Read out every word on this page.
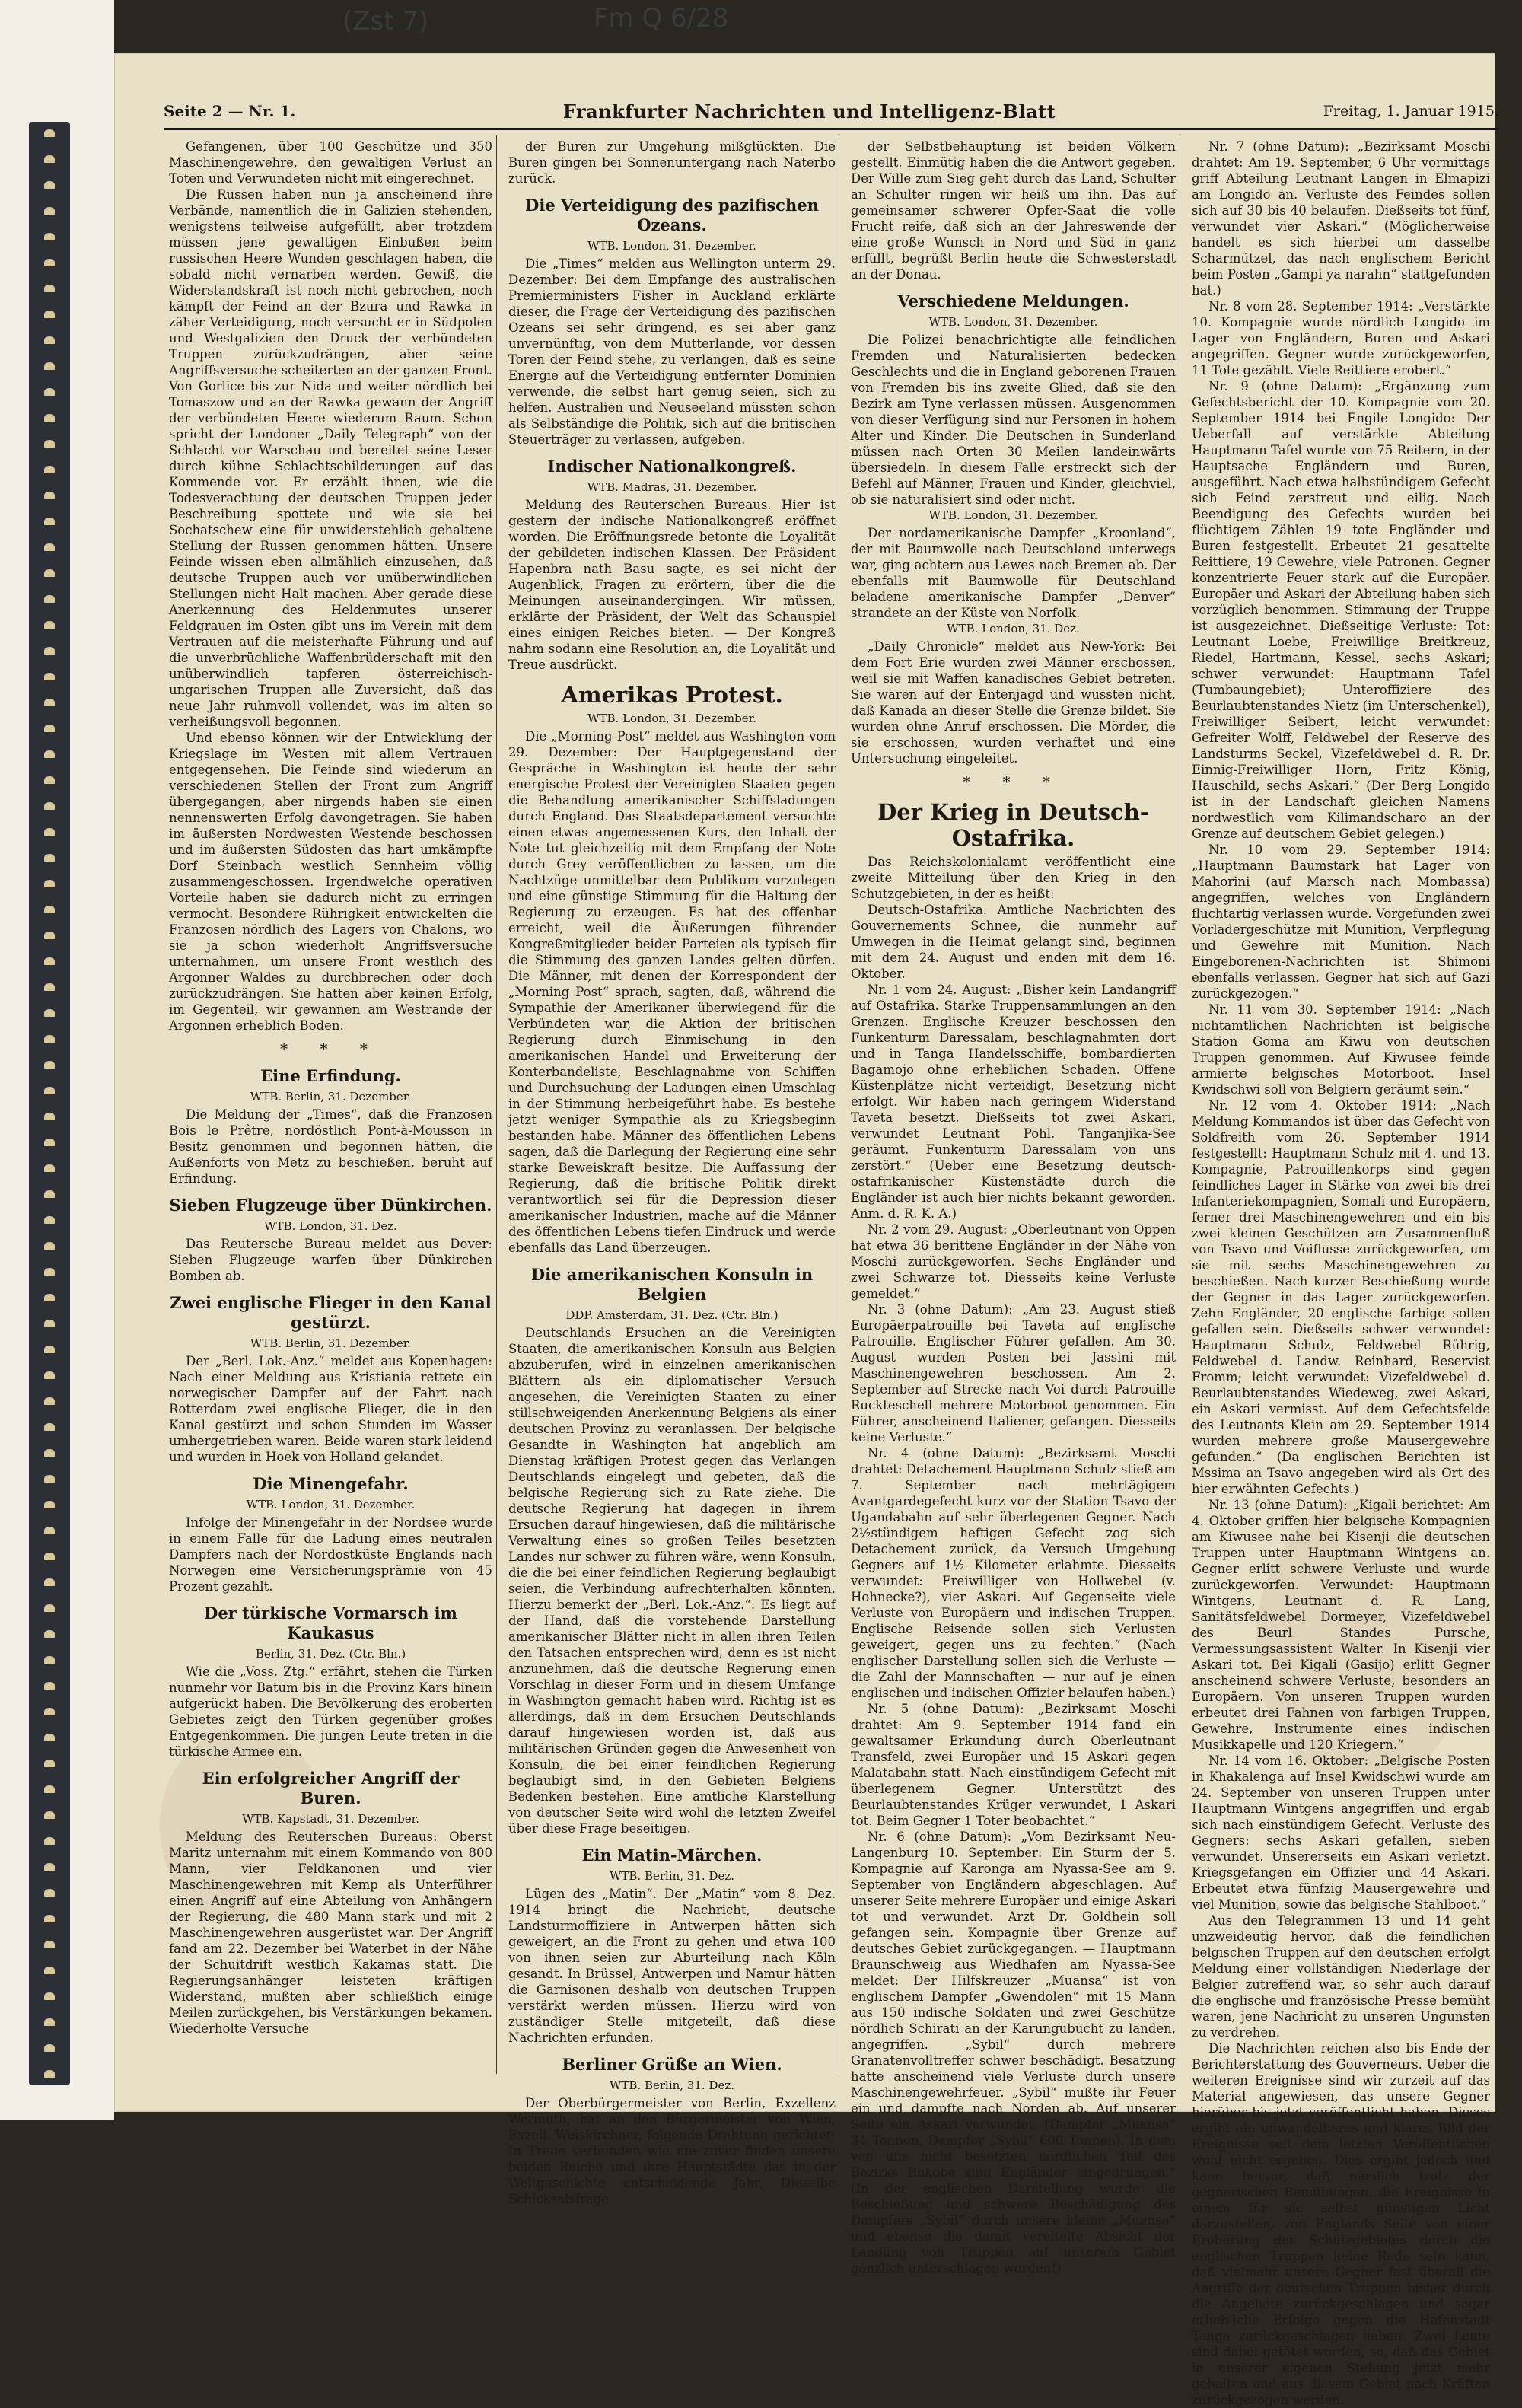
(Zst 7)	Fm Q 6/28
Seite 2 — Nr. 1.	Frankfurter Nachrichten und Intelligenz-Blatt	Freitag, 1. Januar 1915.

Gefangenen, über 100 Geschütze und 350 Maschinengewehre, den gewaltigen Verlust an Toten und Verwundeten nicht mit eingerechnet.

Die Russen haben nun ja anscheinend ihre Verbände, namentlich die in Galizien stehenden, wenigstens teilweise aufgefüllt, aber trotzdem müssen jene gewaltigen Einbußen beim russischen Heere Wunden geschlagen haben, die sobald nicht vernarben werden. Gewiß, die Widerstandskraft ist noch nicht gebrochen, noch kämpft der Feind an der Bzura und Rawka in zäher Verteidigung, noch versucht er in Südpolen und Westgalizien den Druck der verbündeten Truppen zurückzudrängen, aber seine Angriffsversuche scheiterten an der ganzen Front. Von Gorlice bis zur Nida und weiter nördlich bei Tomaszow und an der Rawka gewann der Angriff der verbündeten Heere wiederum Raum. Schon spricht der Londoner „Daily Telegraph“ von der Schlacht vor Warschau und bereitet seine Leser durch kühne Schlachtschilderungen auf das Kommende vor. Er erzählt ihnen, wie die Todesverachtung der deutschen Truppen jeder Beschreibung spottete und wie sie bei Sochatschew eine für unwiderstehlich gehaltene Stellung der Russen genommen hätten. Unsere Feinde wissen eben allmählich einzusehen, daß deutsche Truppen auch vor unüberwindlichen Stellungen nicht Halt machen. Aber gerade diese Anerkennung des Heldenmutes unserer Feldgrauen im Osten gibt uns im Verein mit dem Vertrauen auf die meisterhafte Führung und auf die unverbrüchliche Waffenbrüderschaft mit den unüberwindlich tapferen österreichisch-ungarischen Truppen alle Zuversicht, daß das neue Jahr ruhmvoll vollendet, was im alten so verheißungsvoll begonnen.

Und ebenso können wir der Entwicklung der Kriegslage im Westen mit allem Vertrauen entgegensehen. Die Feinde sind wiederum an verschiedenen Stellen der Front zum Angriff übergegangen, aber nirgends haben sie einen nennenswerten Erfolg davongetragen. Sie haben im äußersten Nordwesten Westende beschossen und im äußersten Südosten das hart umkämpfte Dorf Steinbach westlich Sennheim völlig zusammengeschossen. Irgendwelche operativen Vorteile haben sie dadurch nicht zu erringen vermocht. Besondere Rührigkeit entwickelten die Franzosen nördlich des Lagers von Chalons, wo sie ja schon wiederholt Angriffsversuche unternahmen, um unsere Front westlich des Argonner Waldes zu durchbrechen oder doch zurückzudrängen. Sie hatten aber keinen Erfolg, im Gegenteil, wir gewannen am Westrande der Argonnen erheblich Boden.

* * *
Eine Erfindung.
WTB. Berlin, 31. Dezember.

Die Meldung der „Times“, daß die Franzosen Bois le Prêtre, nordöstlich Pont-à-Mousson in Besitz genommen und begonnen hätten, die Außenforts von Metz zu beschießen, beruht auf Erfindung.

Sieben Flugzeuge über Dünkirchen.
WTB. London, 31. Dez.

Das Reutersche Bureau meldet aus Dover: Sieben Flugzeuge warfen über Dünkirchen Bomben ab.

Zwei englische Flieger in den Kanal gestürzt.
WTB. Berlin, 31. Dezember.

Der „Berl. Lok.-Anz.“ meldet aus Kopenhagen: Nach einer Meldung aus Kristiania rettete ein norwegischer Dampfer auf der Fahrt nach Rotterdam zwei englische Flieger, die in den Kanal gestürzt und schon Stunden im Wasser umhergetrieben waren. Beide waren stark leidend und wurden in Hoek von Holland gelandet.

Die Minengefahr.
WTB. London, 31. Dezember.

Infolge der Minengefahr in der Nordsee wurde in einem Falle für die Ladung eines neutralen Dampfers nach der Nordostküste Englands nach Norwegen eine Versicherungsprämie von 45 Prozent gezahlt.

Der türkische Vormarsch im Kaukasus
Berlin, 31. Dez. (Ctr. Bln.)

Wie die „Voss. Ztg.“ erfährt, stehen die Türken nunmehr vor Batum bis in die Provinz Kars hinein aufgerückt haben. Die Bevölkerung des eroberten Gebietes zeigt den Türken gegenüber großes Entgegenkommen. Die jungen Leute treten in die türkische Armee ein.

Ein erfolgreicher Angriff der Buren.
WTB. Kapstadt, 31. Dezember.

Meldung des Reuterschen Bureaus: Oberst Maritz unternahm mit einem Kommando von 800 Mann, vier Feldkanonen und vier Maschinengewehren mit Kemp als Unterführer einen Angriff auf eine Abteilung von Anhängern der Regierung, die 480 Mann stark und mit 2 Maschinengewehren ausgerüstet war. Der Angriff fand am 22. Dezember bei Waterbet in der Nähe der Schuitdrift westlich Kakamas statt. Die Regierungsanhänger leisteten kräftigen Widerstand, mußten aber schließlich einige Meilen zurückgehen, bis Verstärkungen bekamen. Wiederholte Versuche

der Buren zur Umgehung mißglückten. Die Buren gingen bei Sonnenuntergang nach Naterbo zurück.

Die Verteidigung des pazifischen Ozeans.
WTB. London, 31. Dezember.

Die „Times“ melden aus Wellington unterm 29. Dezember: Bei dem Empfange des australischen Premierministers Fisher in Auckland erklärte dieser, die Frage der Verteidigung des pazifischen Ozeans sei sehr dringend, es sei aber ganz unvernünftig, von dem Mutterlande, vor dessen Toren der Feind stehe, zu verlangen, daß es seine Energie auf die Verteidigung entfernter Dominien verwende, die selbst hart genug seien, sich zu helfen. Australien und Neuseeland müssten schon als Selbständige die Politik, sich auf die britischen Steuerträger zu verlassen, aufgeben.

Indischer Nationalkongreß.
WTB. Madras, 31. Dezember.

Meldung des Reuterschen Bureaus. Hier ist gestern der indische Nationalkongreß eröffnet worden. Die Eröffnungsrede betonte die Loyalität der gebildeten indischen Klassen. Der Präsident Hapenbra nath Basu sagte, es sei nicht der Augenblick, Fragen zu erörtern, über die die Meinungen auseinandergingen. Wir müssen, erklärte der Präsident, der Welt das Schauspiel eines einigen Reiches bieten. — Der Kongreß nahm sodann eine Resolution an, die Loyalität und Treue ausdrückt.

Amerikas Protest.
WTB. London, 31. Dezember.

Die „Morning Post“ meldet aus Washington vom 29. Dezember: Der Hauptgegenstand der Gespräche in Washington ist heute der sehr energische Protest der Vereinigten Staaten gegen die Behandlung amerikanischer Schiffsladungen durch England. Das Staatsdepartement versuchte einen etwas angemessenen Kurs, den Inhalt der Note tut gleichzeitig mit dem Empfang der Note durch Grey veröffentlichen zu lassen, um die Nachtzüge unmittelbar dem Publikum vorzulegen und eine günstige Stimmung für die Haltung der Regierung zu erzeugen. Es hat des offenbar erreicht, weil die Äußerungen führender Kongreßmitglieder beider Parteien als typisch für die Stimmung des ganzen Landes gelten dürfen. Die Männer, mit denen der Korrespondent der „Morning Post“ sprach, sagten, daß, während die Sympathie der Amerikaner überwiegend für die Verbündeten war, die Aktion der britischen Regierung durch Einmischung in den amerikanischen Handel und Erweiterung der Konterbandeliste, Beschlagnahme von Schiffen und Durchsuchung der Ladungen einen Umschlag in der Stimmung herbeigeführt habe. Es bestehe jetzt weniger Sympathie als zu Kriegsbeginn bestanden habe. Männer des öffentlichen Lebens sagen, daß die Darlegung der Regierung eine sehr starke Beweiskraft besitze. Die Auffassung der Regierung, daß die britische Politik direkt verantwortlich sei für die Depression dieser amerikanischer Industrien, mache auf die Männer des öffentlichen Lebens tiefen Eindruck und werde ebenfalls das Land überzeugen.

Die amerikanischen Konsuln in Belgien
DDP. Amsterdam, 31. Dez. (Ctr. Bln.)

Deutschlands Ersuchen an die Vereinigten Staaten, die amerikanischen Konsuln aus Belgien abzuberufen, wird in einzelnen amerikanischen Blättern als ein diplomatischer Versuch angesehen, die Vereinigten Staaten zu einer stillschweigenden Anerkennung Belgiens als einer deutschen Provinz zu veranlassen. Der belgische Gesandte in Washington hat angeblich am Dienstag kräftigen Protest gegen das Verlangen Deutschlands eingelegt und gebeten, daß die belgische Regierung sich zu Rate ziehe. Die deutsche Regierung hat dagegen in ihrem Ersuchen darauf hingewiesen, daß die militärische Verwaltung eines so großen Teiles besetzten Landes nur schwer zu führen wäre, wenn Konsuln, die die bei einer feindlichen Regierung beglaubigt seien, die Verbindung aufrechterhalten könnten. Hierzu bemerkt der „Berl. Lok.-Anz.“: Es liegt auf der Hand, daß die vorstehende Darstellung amerikanischer Blätter nicht in allen ihren Teilen den Tatsachen entsprechen wird, denn es ist nicht anzunehmen, daß die deutsche Regierung einen Vorschlag in dieser Form und in diesem Umfange in Washington gemacht haben wird. Richtig ist es allerdings, daß in dem Ersuchen Deutschlands darauf hingewiesen worden ist, daß aus militärischen Gründen gegen die Anwesenheit von Konsuln, die bei einer feindlichen Regierung beglaubigt sind, in den Gebieten Belgiens Bedenken bestehen. Eine amtliche Klarstellung von deutscher Seite wird wohl die letzten Zweifel über diese Frage beseitigen.

Ein Matin-Märchen.
WTB. Berlin, 31. Dez.

Lügen des „Matin“. Der „Matin“ vom 8. Dez. 1914 bringt die Nachricht, deutsche Landsturmoffiziere in Antwerpen hätten sich geweigert, an die Front zu gehen und etwa 100 von ihnen seien zur Aburteilung nach Köln gesandt. In Brüssel, Antwerpen und Namur hätten die Garnisonen deshalb von deutschen Truppen verstärkt werden müssen. Hierzu wird von zuständiger Stelle mitgeteilt, daß diese Nachrichten erfunden.

Berliner Grüße an Wien.
WTB. Berlin, 31. Dez.

Der Oberbürgermeister von Berlin, Exzellenz Wermuth, hat an den Bürgermeister von Wien, Exzell. Weiskirchner, folgende Drahtung gerichtet: In Treue verbunden wie nie zuvor finden unsere beiden Reiche und ihre Hauptstädte das in der Weltgeschichte entscheidende Jahr. Dieselbe Schicksalsfrage

der Selbstbehauptung ist beiden Völkern gestellt. Einmütig haben die die Antwort gegeben. Der Wille zum Sieg geht durch das Land, Schulter an Schulter ringen wir heiß um ihn. Das auf gemeinsamer schwerer Opfer-Saat die volle Frucht reife, daß sich an der Jahreswende der eine große Wunsch in Nord und Süd in ganz erfüllt, begrüßt Berlin heute die Schwesterstadt an der Donau.

Verschiedene Meldungen.
WTB. London, 31. Dezember.

Die Polizei benachrichtigte alle feindlichen Fremden und Naturalisierten bedecken Geschlechts und die in England geborenen Frauen von Fremden bis ins zweite Glied, daß sie den Bezirk am Tyne verlassen müssen. Ausgenommen von dieser Verfügung sind nur Personen in hohem Alter und Kinder. Die Deutschen in Sunderland müssen nach Orten 30 Meilen landeinwärts übersiedeln. In diesem Falle erstreckt sich der Befehl auf Männer, Frauen und Kinder, gleichviel, ob sie naturalisiert sind oder nicht.

WTB. London, 31. Dezember.

Der nordamerikanische Dampfer „Kroonland“, der mit Baumwolle nach Deutschland unterwegs war, ging achtern aus Lewes nach Bremen ab. Der ebenfalls mit Baumwolle für Deutschland beladene amerikanische Dampfer „Denver“ strandete an der Küste von Norfolk.

WTB. London, 31. Dez.

„Daily Chronicle“ meldet aus New-York: Bei dem Fort Erie wurden zwei Männer erschossen, weil sie mit Waffen kanadisches Gebiet betreten. Sie waren auf der Entenjagd und wussten nicht, daß Kanada an dieser Stelle die Grenze bildet. Sie wurden ohne Anruf erschossen. Die Mörder, die sie erschossen, wurden verhaftet und eine Untersuchung eingeleitet.

* * *
Der Krieg in Deutsch-Ostafrika.

Das Reichskolonialamt veröffentlicht eine zweite Mitteilung über den Krieg in den Schutzgebieten, in der es heißt:

Deutsch-Ostafrika. Amtliche Nachrichten des Gouvernements Schnee, die nunmehr auf Umwegen in die Heimat gelangt sind, beginnen mit dem 24. August und enden mit dem 16. Oktober.

Nr. 1 vom 24. August: „Bisher kein Landangriff auf Ostafrika. Starke Truppensammlungen an den Grenzen. Englische Kreuzer beschossen den Funkenturm Daressalam, beschlagnahmten dort und in Tanga Handelsschiffe, bombardierten Bagamojo ohne erheblichen Schaden. Offene Küstenplätze nicht verteidigt, Besetzung nicht erfolgt. Wir haben nach geringem Widerstand Taveta besetzt. Dießseits tot zwei Askari, verwundet Leutnant Pohl. Tanganjika-See geräumt. Funkenturm Daressalam von uns zerstört.“ (Ueber eine Besetzung deutsch-ostafrikanischer Küstenstädte durch die Engländer ist auch hier nichts bekannt geworden. Anm. d. R. K. A.)

Nr. 2 vom 29. August: „Oberleutnant von Oppen hat etwa 36 berittene Engländer in der Nähe von Moschi zurückgeworfen. Sechs Engländer und zwei Schwarze tot. Diesseits keine Verluste gemeldet.“

Nr. 3 (ohne Datum): „Am 23. August stieß Europäerpatrouille bei Taveta auf englische Patrouille. Englischer Führer gefallen. Am 30. August wurden Posten bei Jassini mit Maschinengewehren beschossen. Am 2. September auf Strecke nach Voi durch Patrouille Ruckteschell mehrere Motorboot genommen. Ein Führer, anscheinend Italiener, gefangen. Diesseits keine Verluste.“

Nr. 4 (ohne Datum): „Bezirksamt Moschi drahtet: Detachement Hauptmann Schulz stieß am 7. September nach mehrtägigem Avantgardegefecht kurz vor der Station Tsavo der Ugandabahn auf sehr überlegenen Gegner. Nach 2½stündigem heftigen Gefecht zog sich Detachement zurück, da Versuch Umgehung Gegners auf 1½ Kilometer erlahmte. Diesseits verwundet: Freiwilliger von Hollwebel (v. Hohnecke?), vier Askari. Auf Gegenseite viele Verluste von Europäern und indischen Truppen. Englische Reisende sollen sich Verlusten geweigert, gegen uns zu fechten.“ (Nach englischer Darstellung sollen sich die Verluste — die Zahl der Mannschaften — nur auf je einen englischen und indischen Offizier belaufen haben.)

Nr. 5 (ohne Datum): „Bezirksamt Moschi drahtet: Am 9. September 1914 fand ein gewaltsamer Erkundung durch Oberleutnant Transfeld, zwei Europäer und 15 Askari gegen Malatabahn statt. Nach einstündigem Gefecht mit überlegenem Gegner. Unterstützt des Beurlaubtenstandes Krüger verwundet, 1 Askari tot. Beim Gegner 1 Toter beobachtet.“

Nr. 6 (ohne Datum): „Vom Bezirksamt Neu-Langenburg 10. September: Ein Sturm der 5. Kompagnie auf Karonga am Nyassa-See am 9. September von Engländern abgeschlagen. Auf unserer Seite mehrere Europäer und einige Askari tot und verwundet. Arzt Dr. Goldhein soll gefangen sein. Kompagnie über Grenze auf deutsches Gebiet zurückgegangen. — Hauptmann Braunschweig aus Wiedhafen am Nyassa-See meldet: Der Hilfskreuzer „Muansa“ ist von englischem Dampfer „Gwendolen“ mit 15 Mann aus 150 indische Soldaten und zwei Geschütze nördlich Schirati an der Karungubucht zu landen, angegriffen. „Sybil“ durch mehrere Granatenvolltreffer schwer beschädigt. Besatzung hatte anscheinend viele Verluste durch unsere Maschinengewehrfeuer. „Sybil“ mußte ihr Feuer ein und dampfte nach Norden ab. Auf unserer Seite ein Askari verwundet. (Dampfer „Muansa“ 34 Tonnen, Dampfer „Sybil“ 600 Tonnen). In dem von uns nicht besetzten nördlichen Teil des Bezirks Bukoba sind Engländer eingedrungen.“ (In der englischen Darstellung wurde die Beschießung und schwere Beschädigung des Dampfers „Sybil“ durch unsere kleine „Muansa“ und ebenso die damit vereitelte Absicht der Landung von Truppen auf unserem Gebiet gänzlich unterschlagen worden!)

Nr. 7 (ohne Datum): „Bezirksamt Moschi drahtet: Am 19. September, 6 Uhr vormittags griff Abteilung Leutnant Langen in Elmapizi am Longido an. Verluste des Feindes sollen sich auf 30 bis 40 belaufen. Dießseits tot fünf, verwundet vier Askari.“ (Möglicherweise handelt es sich hierbei um dasselbe Scharmützel, das nach englischem Bericht beim Posten „Gampi ya narahn“ stattgefunden hat.)

Nr. 8 vom 28. September 1914: „Verstärkte 10. Kompagnie wurde nördlich Longido im Lager von Engländern, Buren und Askari angegriffen. Gegner wurde zurückgeworfen, 11 Tote gezählt. Viele Reittiere erobert.“

Nr. 9 (ohne Datum): „Ergänzung zum Gefechtsbericht der 10. Kompagnie vom 20. September 1914 bei Engile Longido: Der Ueberfall auf verstärkte Abteilung Hauptmann Tafel wurde von 75 Reitern, in der Hauptsache Engländern und Buren, ausgeführt. Nach etwa halbstündigem Gefecht sich Feind zerstreut und eilig. Nach Beendigung des Gefechts wurden bei flüchtigem Zählen 19 tote Engländer und Buren festgestellt. Erbeutet 21 gesattelte Reittiere, 19 Gewehre, viele Patronen. Gegner konzentrierte Feuer stark auf die Europäer. Europäer und Askari der Abteilung haben sich vorzüglich benommen. Stimmung der Truppe ist ausgezeichnet. Dießseitige Verluste: Tot: Leutnant Loebe, Freiwillige Breitkreuz, Riedel, Hartmann, Kessel, sechs Askari; schwer verwundet: Hauptmann Tafel (Tumbaungebiet); Unteroffiziere des Beurlaubtenstandes Nietz (im Unterschenkel), Freiwilliger Seibert, leicht verwundet: Gefreiter Wolff, Feldwebel der Reserve des Landsturms Seckel, Vizefeldwebel d. R. Dr. Einnig-Freiwilliger Horn, Fritz König, Hauschild, sechs Askari.“ (Der Berg Longido ist in der Landschaft gleichen Namens nordwestlich vom Kilimandscharo an der Grenze auf deutschem Gebiet gelegen.)

Nr. 10 vom 29. September 1914: „Hauptmann Baumstark hat Lager von Mahorini (auf Marsch nach Mombassa) angegriffen, welches von Engländern fluchtartig verlassen wurde. Vorgefunden zwei Vorladergeschütze mit Munition, Verpflegung und Gewehre mit Munition. Nach Eingeborenen-Nachrichten ist Shimoni ebenfalls verlassen. Gegner hat sich auf Gazi zurückgezogen.“

Nr. 11 vom 30. September 1914: „Nach nichtamtlichen Nachrichten ist belgische Station Goma am Kiwu von deutschen Truppen genommen. Auf Kiwusee feinde armierte belgisches Motorboot. Insel Kwidschwi soll von Belgiern geräumt sein.“

Nr. 12 vom 4. Oktober 1914: „Nach Meldung Kommandos ist über das Gefecht von Soldfreith vom 26. September 1914 festgestellt: Hauptmann Schulz mit 4. und 13. Kompagnie, Patrouillenkorps sind gegen feindliches Lager in Stärke von zwei bis drei Infanteriekompagnien, Somali und Europäern, ferner drei Maschinengewehren und ein bis zwei kleinen Geschützen am Zusammenfluß von Tsavo und Voiflusse zurückgeworfen, um sie mit sechs Maschinengewehren zu beschießen. Nach kurzer Beschießung wurde der Gegner in das Lager zurückgeworfen. Zehn Engländer, 20 englische farbige sollen gefallen sein. Dießseits schwer verwundet: Hauptmann Schulz, Feldwebel Rührig, Feldwebel d. Landw. Reinhard, Reservist Fromm; leicht verwundet: Vizefeldwebel d. Beurlaubtenstandes Wiedeweg, zwei Askari, ein Askari vermisst. Auf dem Gefechtsfelde des Leutnants Klein am 29. September 1914 wurden mehrere große Mausergewehre gefunden.“ (Da englischen Berichten ist Mssima an Tsavo angegeben wird als Ort des hier erwähnten Gefechts.)

Nr. 13 (ohne Datum): „Kigali berichtet: Am 4. Oktober griffen hier belgische Kompagnien am Kiwusee nahe bei Kisenji die deutschen Truppen unter Hauptmann Wintgens an. Gegner erlitt schwere Verluste und wurde zurückgeworfen. Verwundet: Hauptmann Wintgens, Leutnant d. R. Lang, Sanitätsfeldwebel Dormeyer, Vizefeldwebel des Beurl. Standes Pursche, Vermessungsassistent Walter. In Kisenji vier Askari tot. Bei Kigali (Gasijo) erlitt Gegner anscheinend schwere Verluste, besonders an Europäern. Von unseren Truppen wurden erbeutet drei Fahnen von farbigen Truppen, Gewehre, Instrumente eines indischen Musikkapelle und 120 Kriegern.“

Nr. 14 vom 16. Oktober: „Belgische Posten in Khakalenga auf Insel Kwidschwi wurde am 24. September von unseren Truppen unter Hauptmann Wintgens angegriffen und ergab sich nach einstündigem Gefecht. Verluste des Gegners: sechs Askari gefallen, sieben verwundet. Unsererseits ein Askari verletzt. Kriegsgefangen ein Offizier und 44 Askari. Erbeutet etwa fünfzig Mausergewehre und viel Munition, sowie das belgische Stahlboot.“

Aus den Telegrammen 13 und 14 geht unzweideutig hervor, daß die feindlichen belgischen Truppen auf den deutschen erfolgt Meldung einer vollständigen Niederlage der Belgier zutreffend war, so sehr auch darauf die englische und französische Presse bemüht waren, jene Nachricht zu unseren Ungunsten zu verdrehen.

Die Nachrichten reichen also bis Ende der Berichterstattung des Gouverneurs. Ueber die weiteren Ereignisse sind wir zurzeit auf das Material angewiesen, das unsere Gegner hierüber bis jetzt veröffentlicht haben. Dieses ergibt ein unwandelbares und klares Bild der Ereignisse seit dem letzten Veröffentlichen wohl nicht ergeben. Dies ergibt jedoch und kann hervor, daß nämlich trotz der gegnerischen Bemühungen, die Ereignisse in einem für sie selbst günstigen Licht darzustellen, von Englands Seite von einer Eroberung des Schutzgebietes durch die englischen Truppen keine Rede sein kann, daß vielmehr unsere Gegner fast überall die Angriffe der deutschen Truppen bisher durch die Angebote zurückgeschlagen und sogar erhebliche Erfolge gegen die Hafenstadt Tanga zurückgeschlagen haben. Zwei Leute sind dabei getötet worden, so, daß das Gebiet in unserer eigenen Stellung jetzt mehr gehalten und aus diesem Gebiet nach Kräften zurückgezogen werden.
